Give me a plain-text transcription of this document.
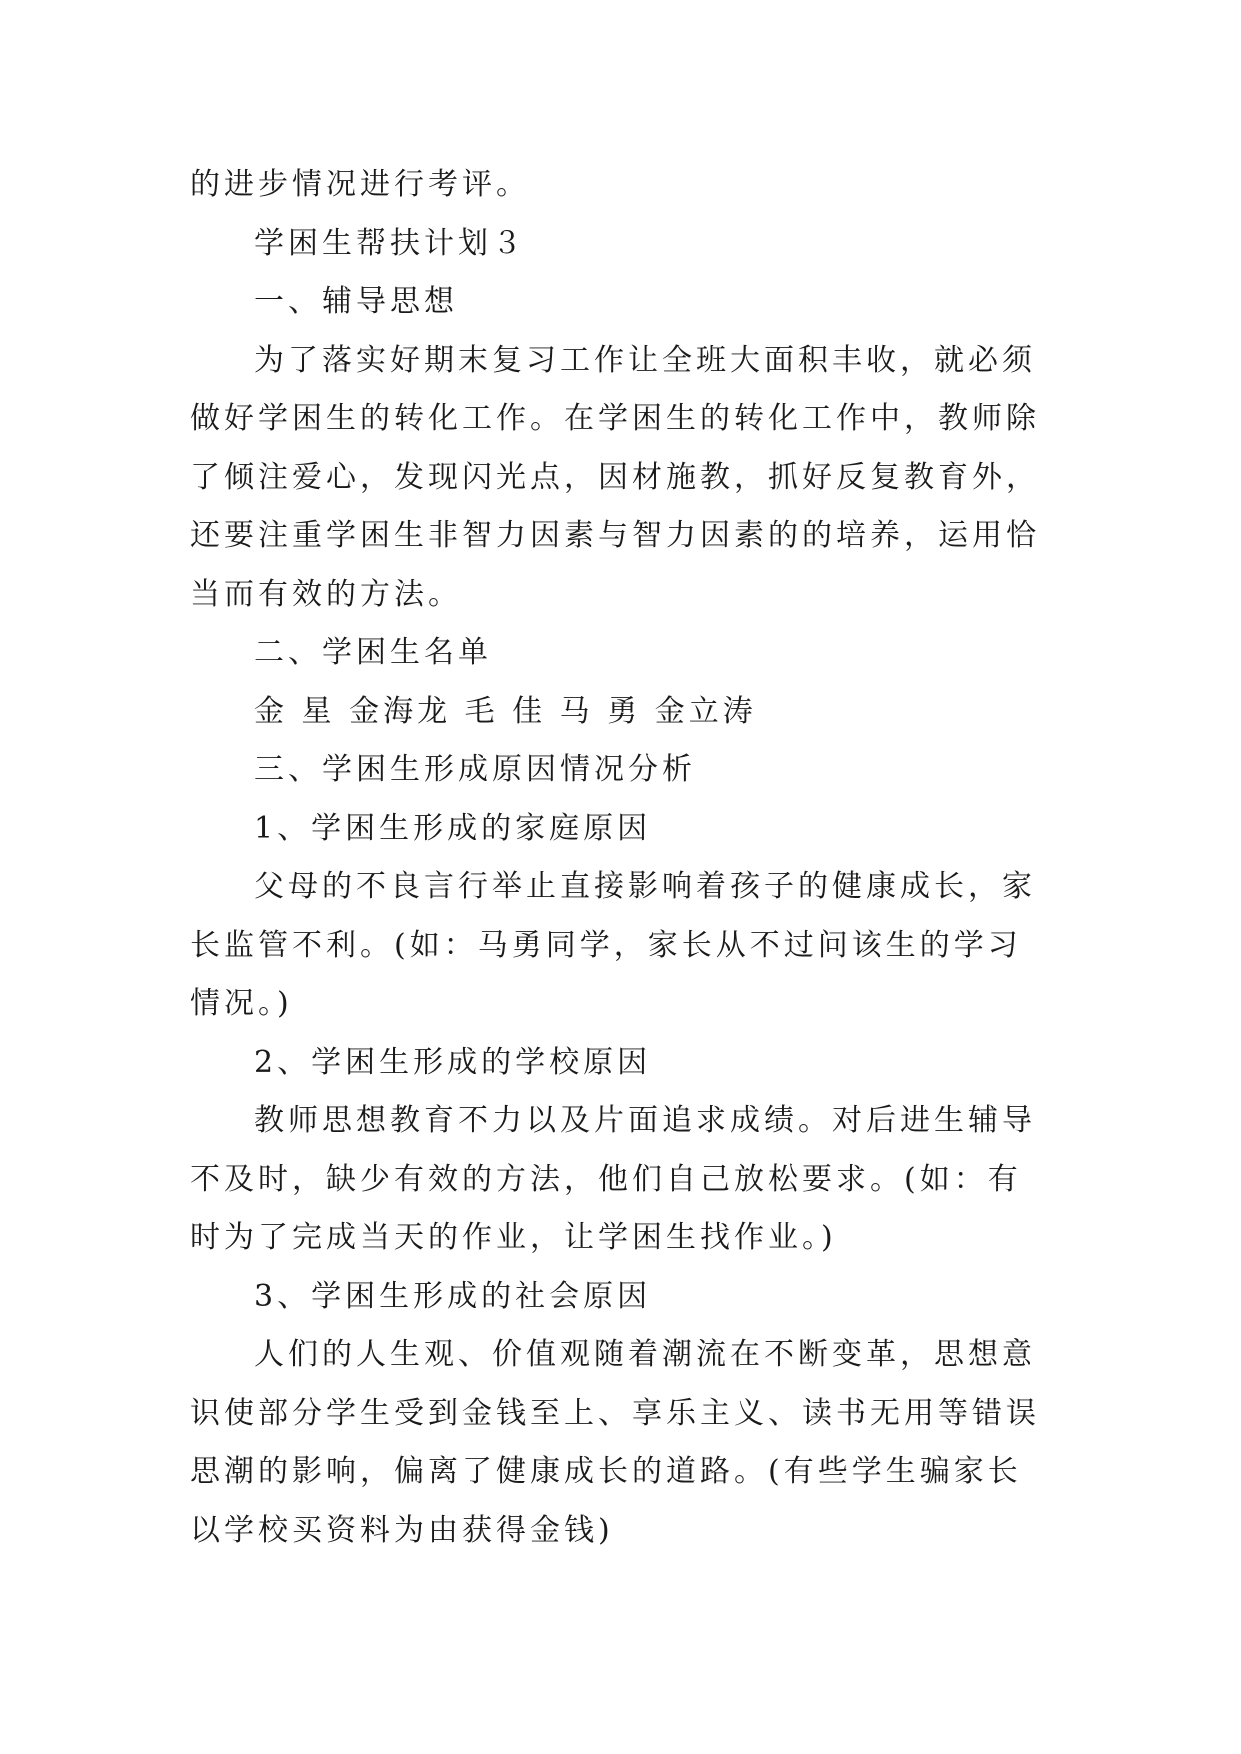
的进步情况进行考评。

学困生帮扶计划３

一、辅导思想

为了落实好期末复习工作让全班大面积丰收，就必须做好学困生的转化工作。在学困生的转化工作中，教师除了倾注爱心，发现闪光点，因材施教，抓好反复教育外，还要注重学困生非智力因素与智力因素的的培养，运用恰当而有效的方法。

二、学困生名单

金 星 金海龙 毛 佳 马 勇 金立涛

三、学困生形成原因情况分析

1、学困生形成的家庭原因

父母的不良言行举止直接影响着孩子的健康成长，家长监管不利。(如：马勇同学，家长从不过问该生的学习情况。)

2、学困生形成的学校原因

教师思想教育不力以及片面追求成绩。对后进生辅导不及时，缺少有效的方法，他们自己放松要求。(如：有时为了完成当天的作业，让学困生找作业。)

3、学困生形成的社会原因

人们的人生观、价值观随着潮流在不断变革，思想意识使部分学生受到金钱至上、享乐主义、读书无用等错误思潮的影响，偏离了健康成长的道路。(有些学生骗家长以学校买资料为由获得金钱)
